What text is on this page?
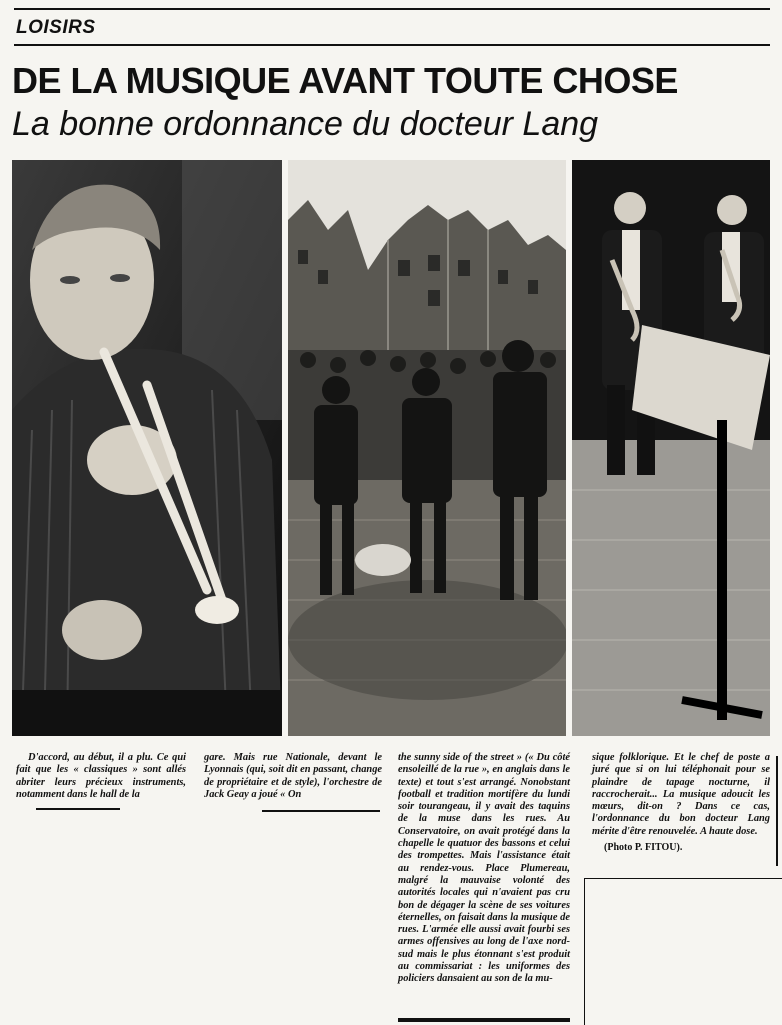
LOISIRS
DE LA MUSIQUE AVANT TOUTE CHOSE
La bonne ordonnance du docteur Lang

D'accord, au début, il a plu. Ce qui fait que les « classiques » sont allés abriter leurs précieux instruments, notamment dans le hall de la

gare. Mais rue Nationale, devant le Lyonnais (qui, soit dit en passant, change de propriétaire et de style), l'orchestre de Jack Geay a joué « On

the sunny side of the street » (« Du côté ensoleillé de la rue », en anglais dans le texte) et tout s'est arrangé. Nonobstant football et tradition mortifère du lundi soir tourangeau, il y avait des taquins de la muse dans les rues. Au Conservatoire, on avait protégé dans la chapelle le quatuor des bassons et celui des trompettes. Mais l'assistance était au rendez-vous. Place Plumereau, malgré la mauvaise volonté des autorités locales qui n'avaient pas cru bon de dégager la scène de ses voitures éternelles, on faisait dans la musique de rues. L'armée elle aussi avait fourbi ses armes offensives au long de l'axe nord-sud mais le plus étonnant s'est produit au commissariat : les uniformes des policiers dansaient au son de la mu-

sique folklorique. Et le chef de poste a juré que si on lui téléphonait pour se plaindre de tapage nocturne, il raccrocherait... La musique adoucit les mœurs, dit-on ? Dans ce cas, l'ordonnance du bon docteur Lang mérite d'être renouvelée. A haute dose.

(Photo P. FITOU).
